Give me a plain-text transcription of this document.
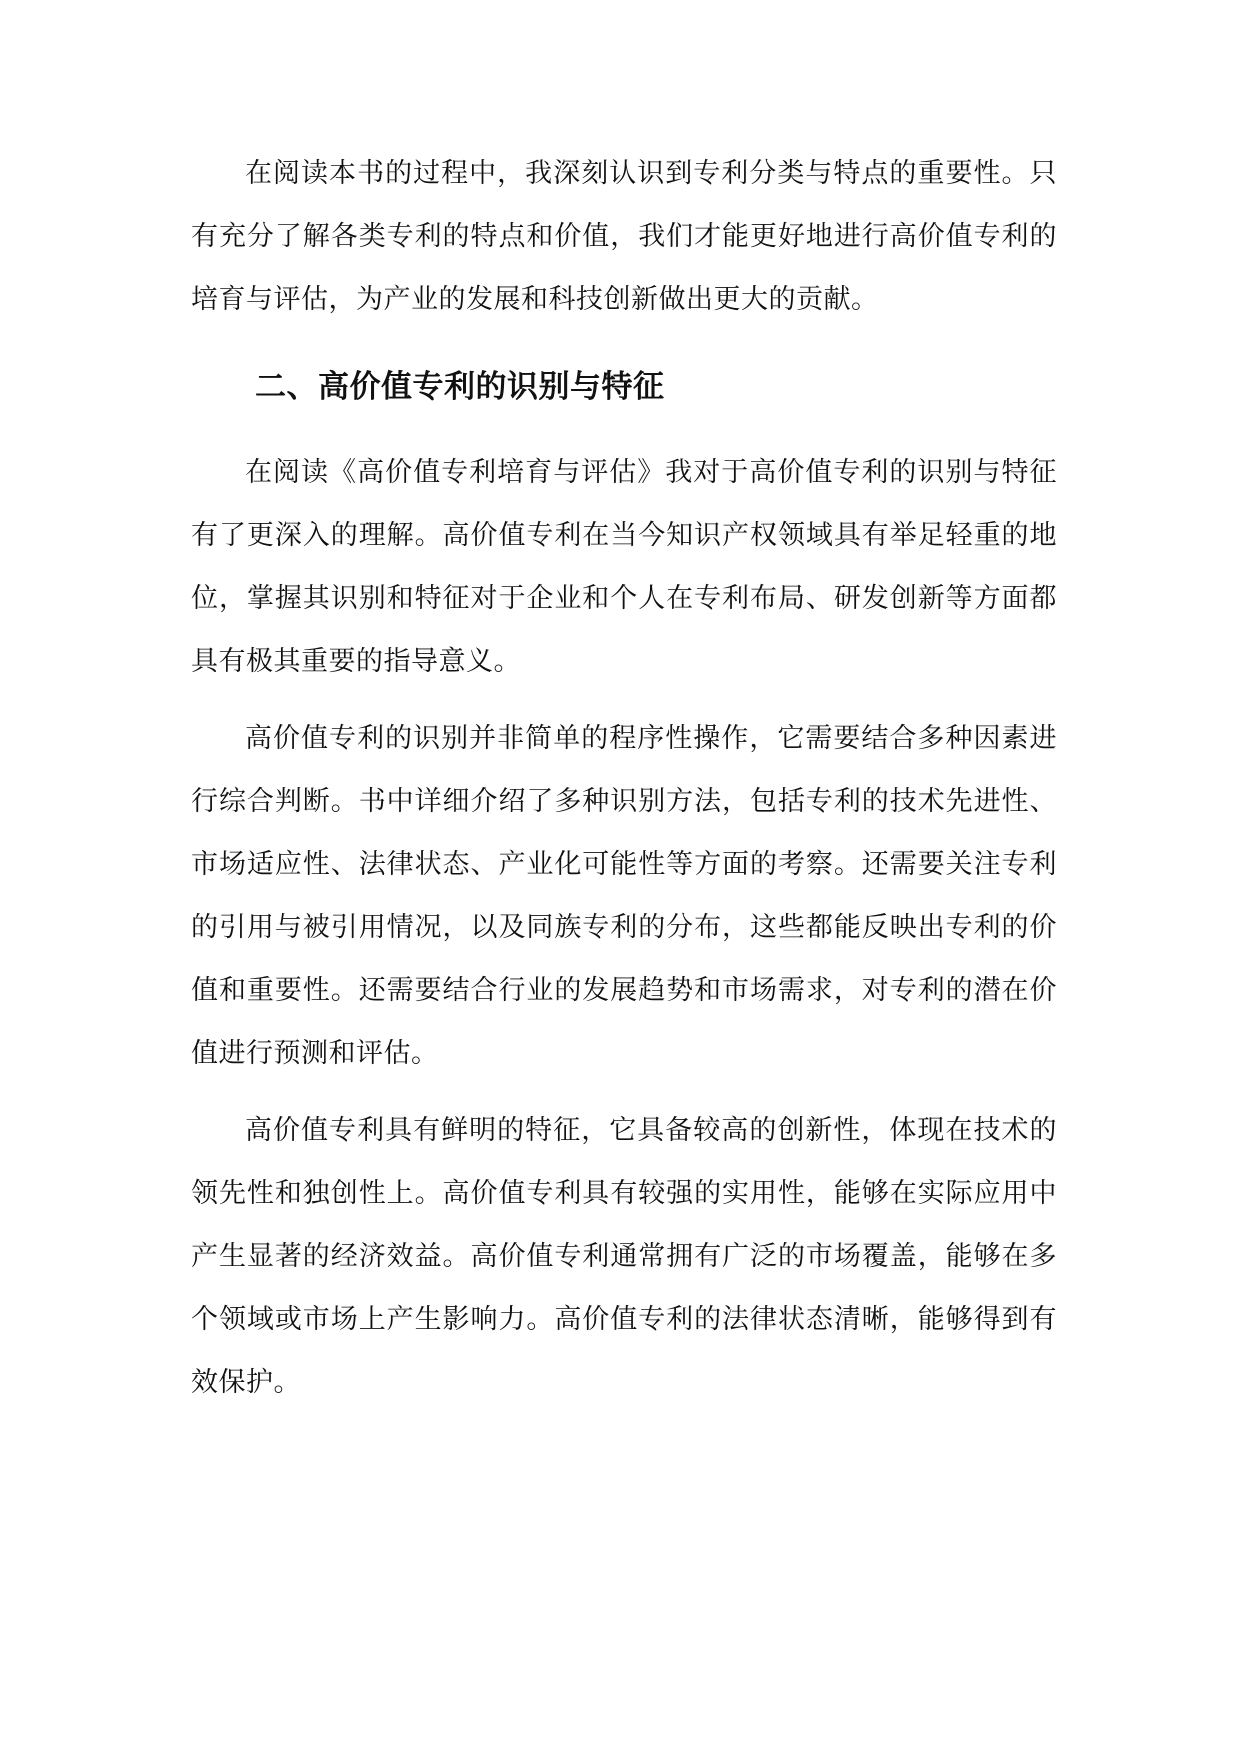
在阅读本书的过程中，我深刻认识到专利分类与特点的重要性。只有充分了解各类专利的特点和价值，我们才能更好地进行高价值专利的培育与评估，为产业的发展和科技创新做出更大的贡献。

二、高价值专利的识别与特征

在阅读《高价值专利培育与评估》我对于高价值专利的识别与特征有了更深入的理解。高价值专利在当今知识产权领域具有举足轻重的地位，掌握其识别和特征对于企业和个人在专利布局、研发创新等方面都具有极其重要的指导意义。

高价值专利的识别并非简单的程序性操作，它需要结合多种因素进行综合判断。书中详细介绍了多种识别方法，包括专利的技术先进性、市场适应性、法律状态、产业化可能性等方面的考察。还需要关注专利的引用与被引用情况，以及同族专利的分布，这些都能反映出专利的价值和重要性。还需要结合行业的发展趋势和市场需求，对专利的潜在价值进行预测和评估。

高价值专利具有鲜明的特征，它具备较高的创新性，体现在技术的领先性和独创性上。高价值专利具有较强的实用性，能够在实际应用中产生显著的经济效益。高价值专利通常拥有广泛的市场覆盖，能够在多个领域或市场上产生影响力。高价值专利的法律状态清晰，能够得到有效保护。
